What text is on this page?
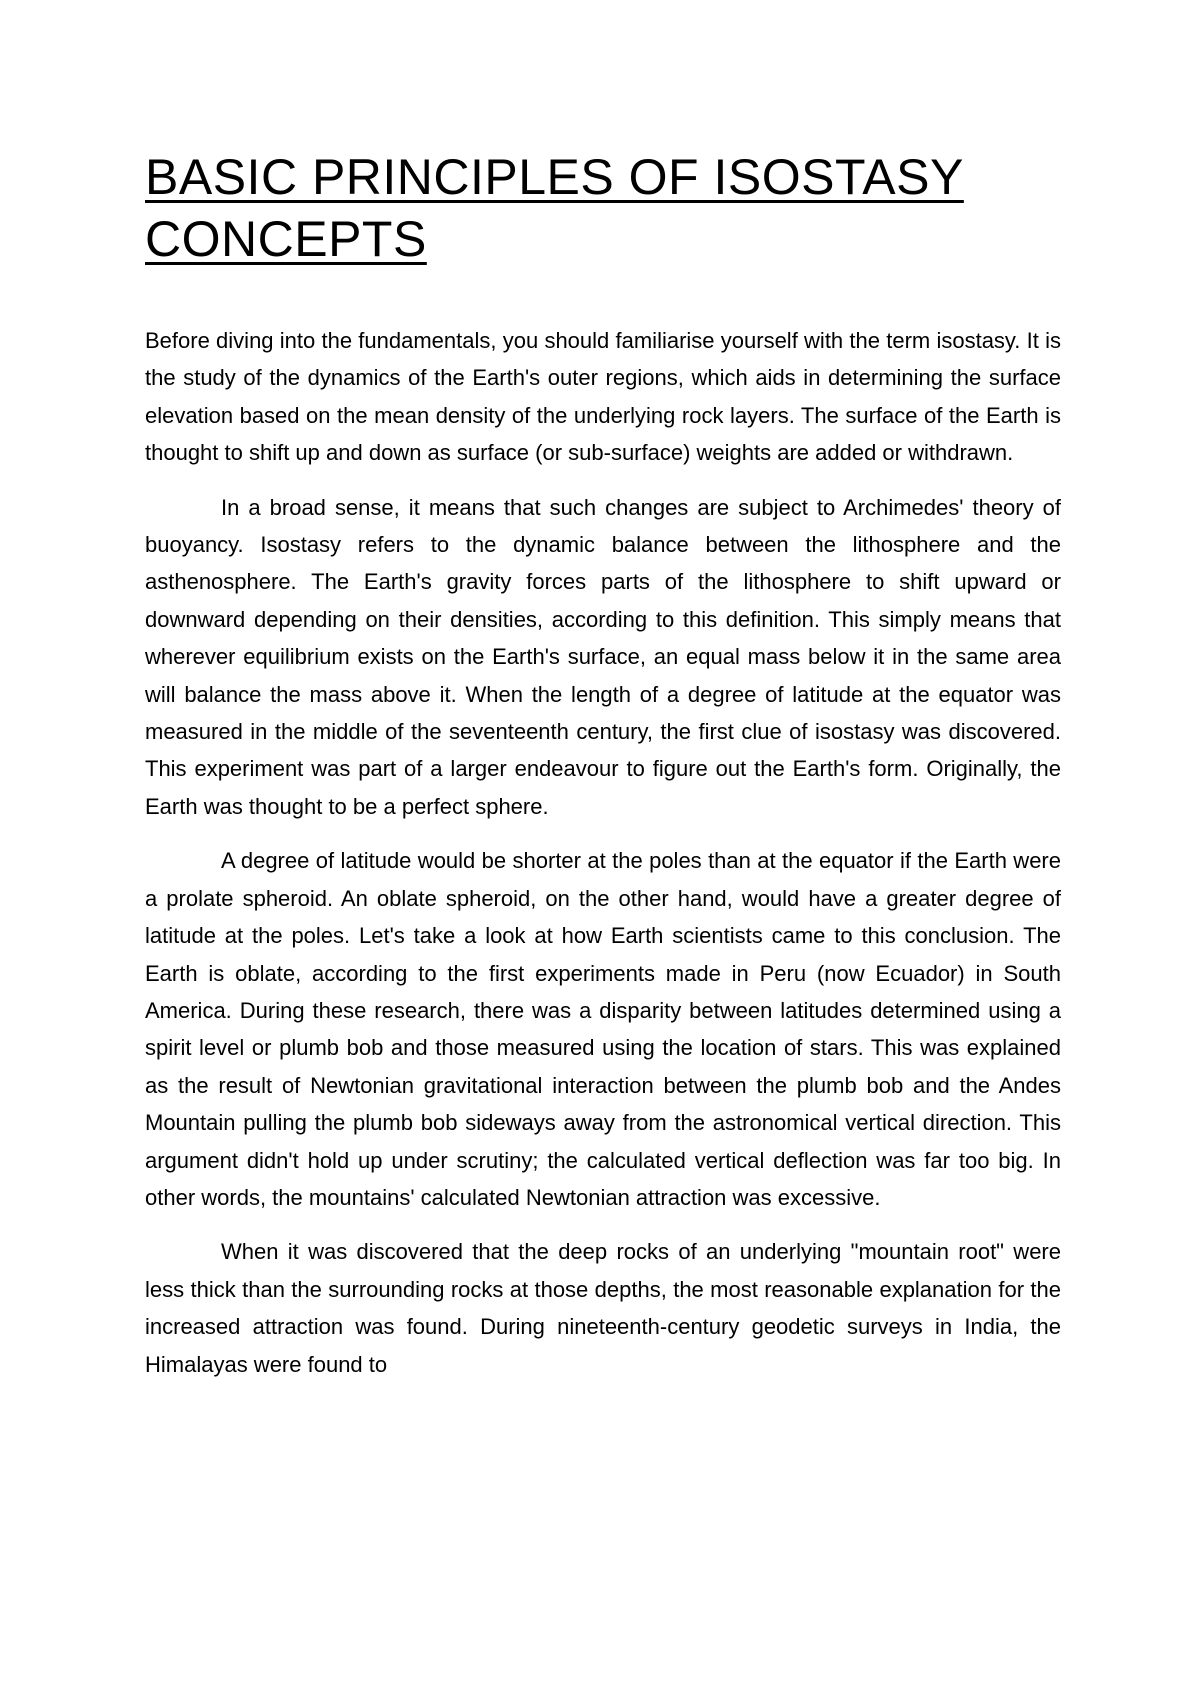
BASIC PRINCIPLES OF ISOSTASY
CONCEPTS

Before diving into the fundamentals, you should familiarise yourself with the term isostasy. It is the study of the dynamics of the Earth's outer regions, which aids in determining the surface elevation based on the mean density of the underlying rock layers. The surface of the Earth is thought to shift up and down as surface (or sub-surface) weights are added or withdrawn.

In a broad sense, it means that such changes are subject to Archimedes' theory of buoyancy. Isostasy refers to the dynamic balance between the lithosphere and the asthenosphere. The Earth's gravity forces parts of the lithosphere to shift upward or downward depending on their densities, according to this definition. This simply means that wherever equilibrium exists on the Earth's surface, an equal mass below it in the same area will balance the mass above it. When the length of a degree of latitude at the equator was measured in the middle of the seventeenth century, the first clue of isostasy was discovered. This experiment was part of a larger endeavour to figure out the Earth's form. Originally, the Earth was thought to be a perfect sphere.

A degree of latitude would be shorter at the poles than at the equator if the Earth were a prolate spheroid. An oblate spheroid, on the other hand, would have a greater degree of latitude at the poles. Let's take a look at how Earth scientists came to this conclusion. The Earth is oblate, according to the first experiments made in Peru (now Ecuador) in South America. During these research, there was a disparity between latitudes determined using a spirit level or plumb bob and those measured using the location of stars. This was explained as the result of Newtonian gravitational interaction between the plumb bob and the Andes Mountain pulling the plumb bob sideways away from the astronomical vertical direction. This argument didn't hold up under scrutiny; the calculated vertical deflection was far too big. In other words, the mountains' calculated Newtonian attraction was excessive.

When it was discovered that the deep rocks of an underlying "mountain root" were less thick than the surrounding rocks at those depths, the most reasonable explanation for the increased attraction was found. During nineteenth-century geodetic surveys in India, the Himalayas were found to
